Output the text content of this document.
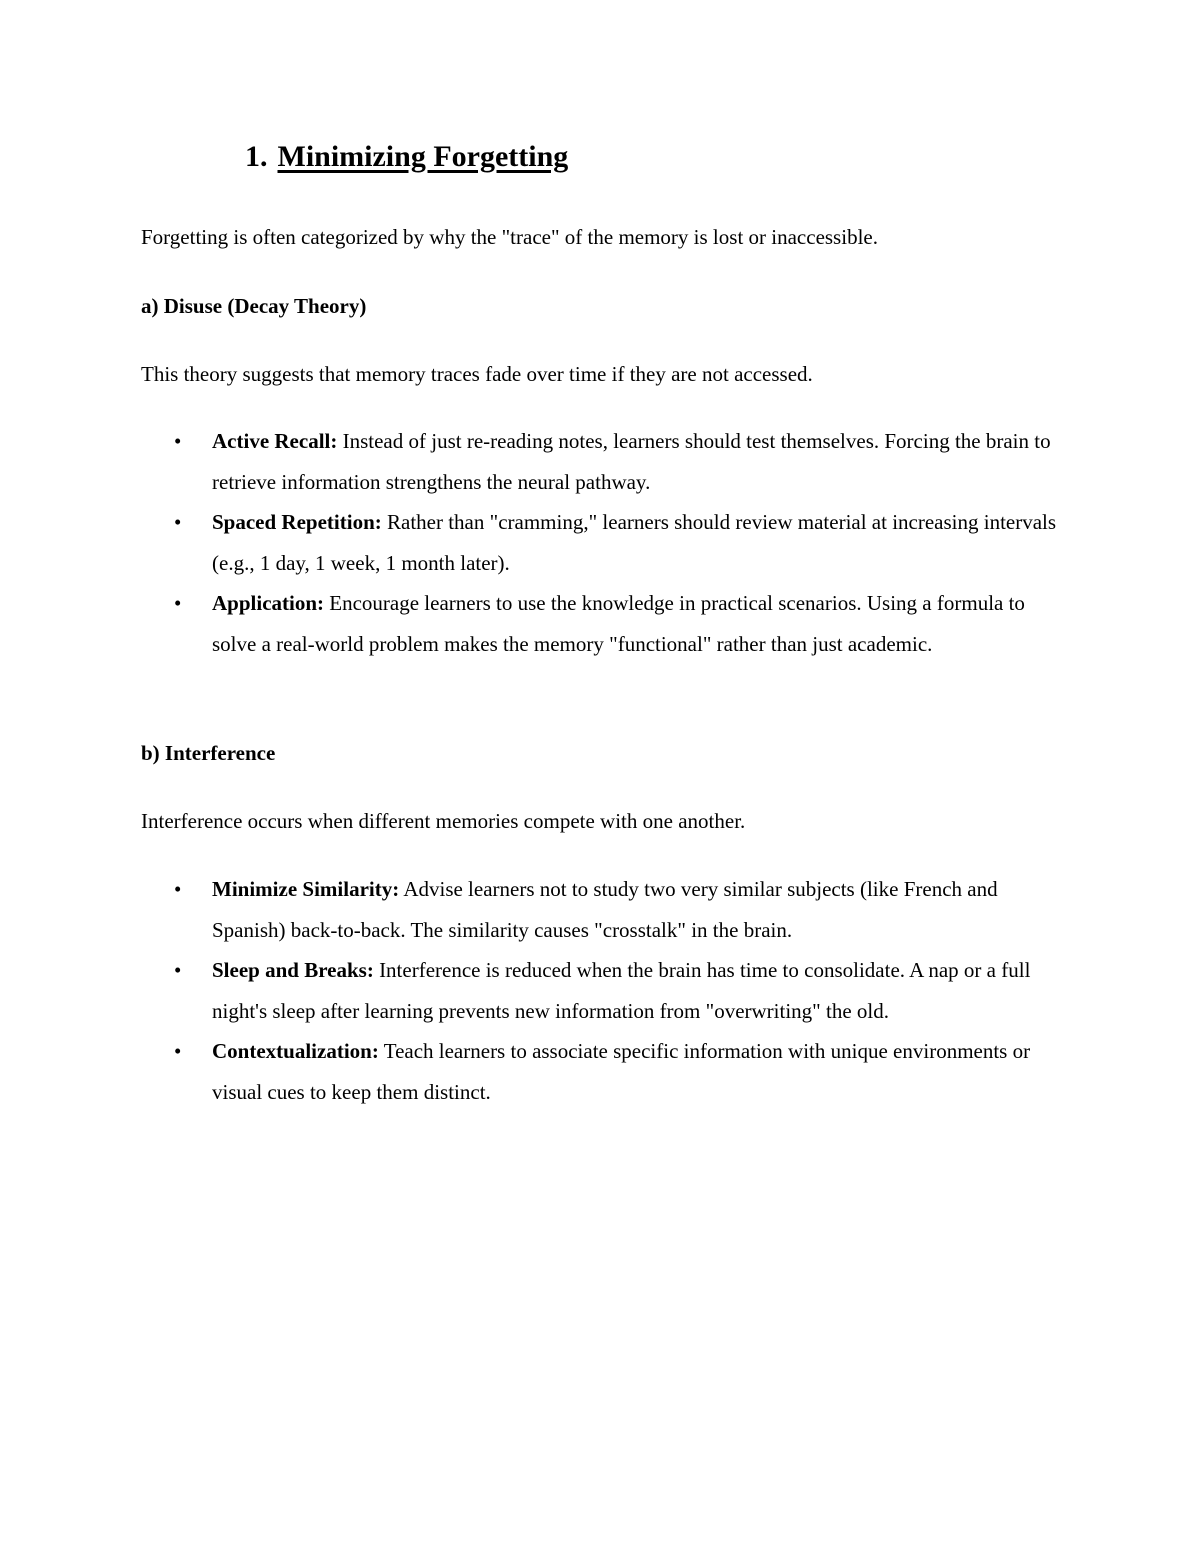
1. Minimizing Forgetting
Forgetting is often categorized by why the "trace" of the memory is lost or inaccessible.
a) Disuse (Decay Theory)
This theory suggests that memory traces fade over time if they are not accessed.
• Active Recall: Instead of just re-reading notes, learners should test themselves. Forcing the brain to retrieve information strengthens the neural pathway.
• Spaced Repetition: Rather than "cramming," learners should review material at increasing intervals (e.g., 1 day, 1 week, 1 month later).
• Application: Encourage learners to use the knowledge in practical scenarios. Using a formula to solve a real-world problem makes the memory "functional" rather than just academic.
b) Interference
Interference occurs when different memories compete with one another.
• Minimize Similarity: Advise learners not to study two very similar subjects (like French and Spanish) back-to-back. The similarity causes "crosstalk" in the brain.
• Sleep and Breaks: Interference is reduced when the brain has time to consolidate. A nap or a full night's sleep after learning prevents new information from "overwriting" the old.
• Contextualization: Teach learners to associate specific information with unique environments or visual cues to keep them distinct.
